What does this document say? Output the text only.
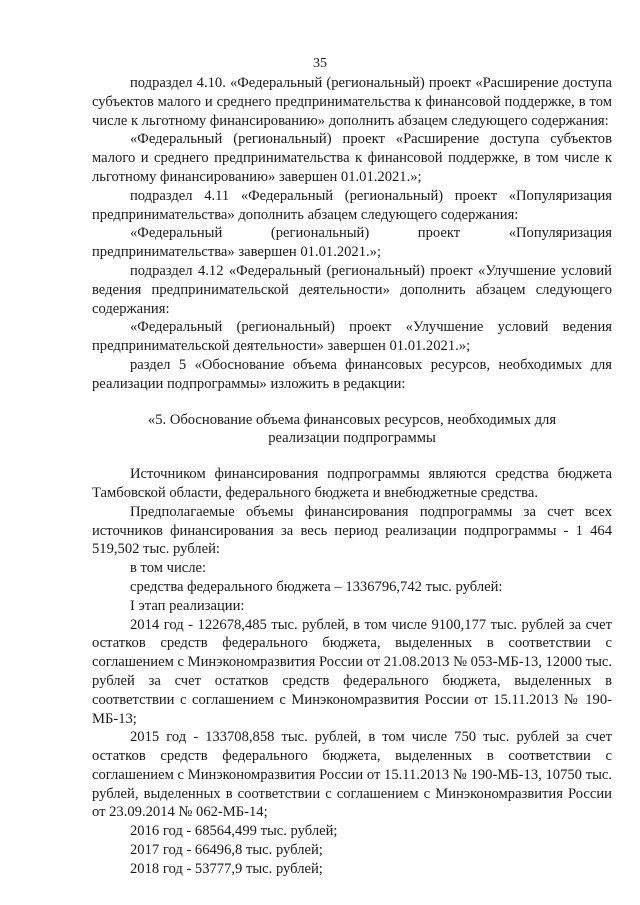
35

подраздел 4.10. «Федеральный (региональный) проект «Расширение доступа субъектов малого и среднего предпринимательства к финансовой поддержке, в том числе к льготному финансированию» дополнить абзацем следующего содержания:

«Федеральный (региональный) проект «Расширение доступа субъектов малого и среднего предпринимательства к финансовой поддержке, в том числе к льготному финансированию» завершен 01.01.2021.»;

подраздел 4.11 «Федеральный (региональный) проект «Популяризация предпринимательства» дополнить абзацем следующего содержания:

«Федеральный (региональный) проект «Популяризация предпринимательства» завершен 01.01.2021.»;

подраздел 4.12 «Федеральный (региональный) проект «Улучшение условий ведения предпринимательской деятельности» дополнить абзацем следующего содержания:

«Федеральный (региональный) проект «Улучшение условий ведения предпринимательской деятельности» завершен 01.01.2021.»;

раздел 5 «Обоснование объема финансовых ресурсов, необходимых для реализации подпрограммы» изложить в редакции:

«5. Обоснование объема финансовых ресурсов, необходимых для реализации подпрограммы

Источником финансирования подпрограммы являются средства бюджета Тамбовской области, федерального бюджета и внебюджетные средства.

Предполагаемые объемы финансирования подпрограммы за счет всех источников финансирования за весь период реализации подпрограммы - 1 464 519,502 тыс. рублей:

в том числе:

средства федерального бюджета – 1336796,742 тыс. рублей:

I этап реализации:

2014 год - 122678,485 тыс. рублей, в том числе 9100,177 тыс. рублей за счет остатков средств федерального бюджета, выделенных в соответствии с соглашением с Минэкономразвития России от 21.08.2013 № 053-МБ-13, 12000 тыс. рублей за счет остатков средств федерального бюджета, выделенных в соответствии с соглашением с Минэкономразвития России от 15.11.2013 № 190-МБ-13;

2015 год - 133708,858 тыс. рублей, в том числе 750 тыс. рублей за счет остатков средств федерального бюджета, выделенных в соответствии с соглашением с Минэкономразвития России от 15.11.2013 № 190-МБ-13, 10750 тыс. рублей, выделенных в соответствии с соглашением с Минэкономразвития России от 23.09.2014 № 062-МБ-14;

2016 год - 68564,499 тыс. рублей;

2017 год - 66496,8 тыс. рублей;

2018 год - 53777,9 тыс. рублей;
